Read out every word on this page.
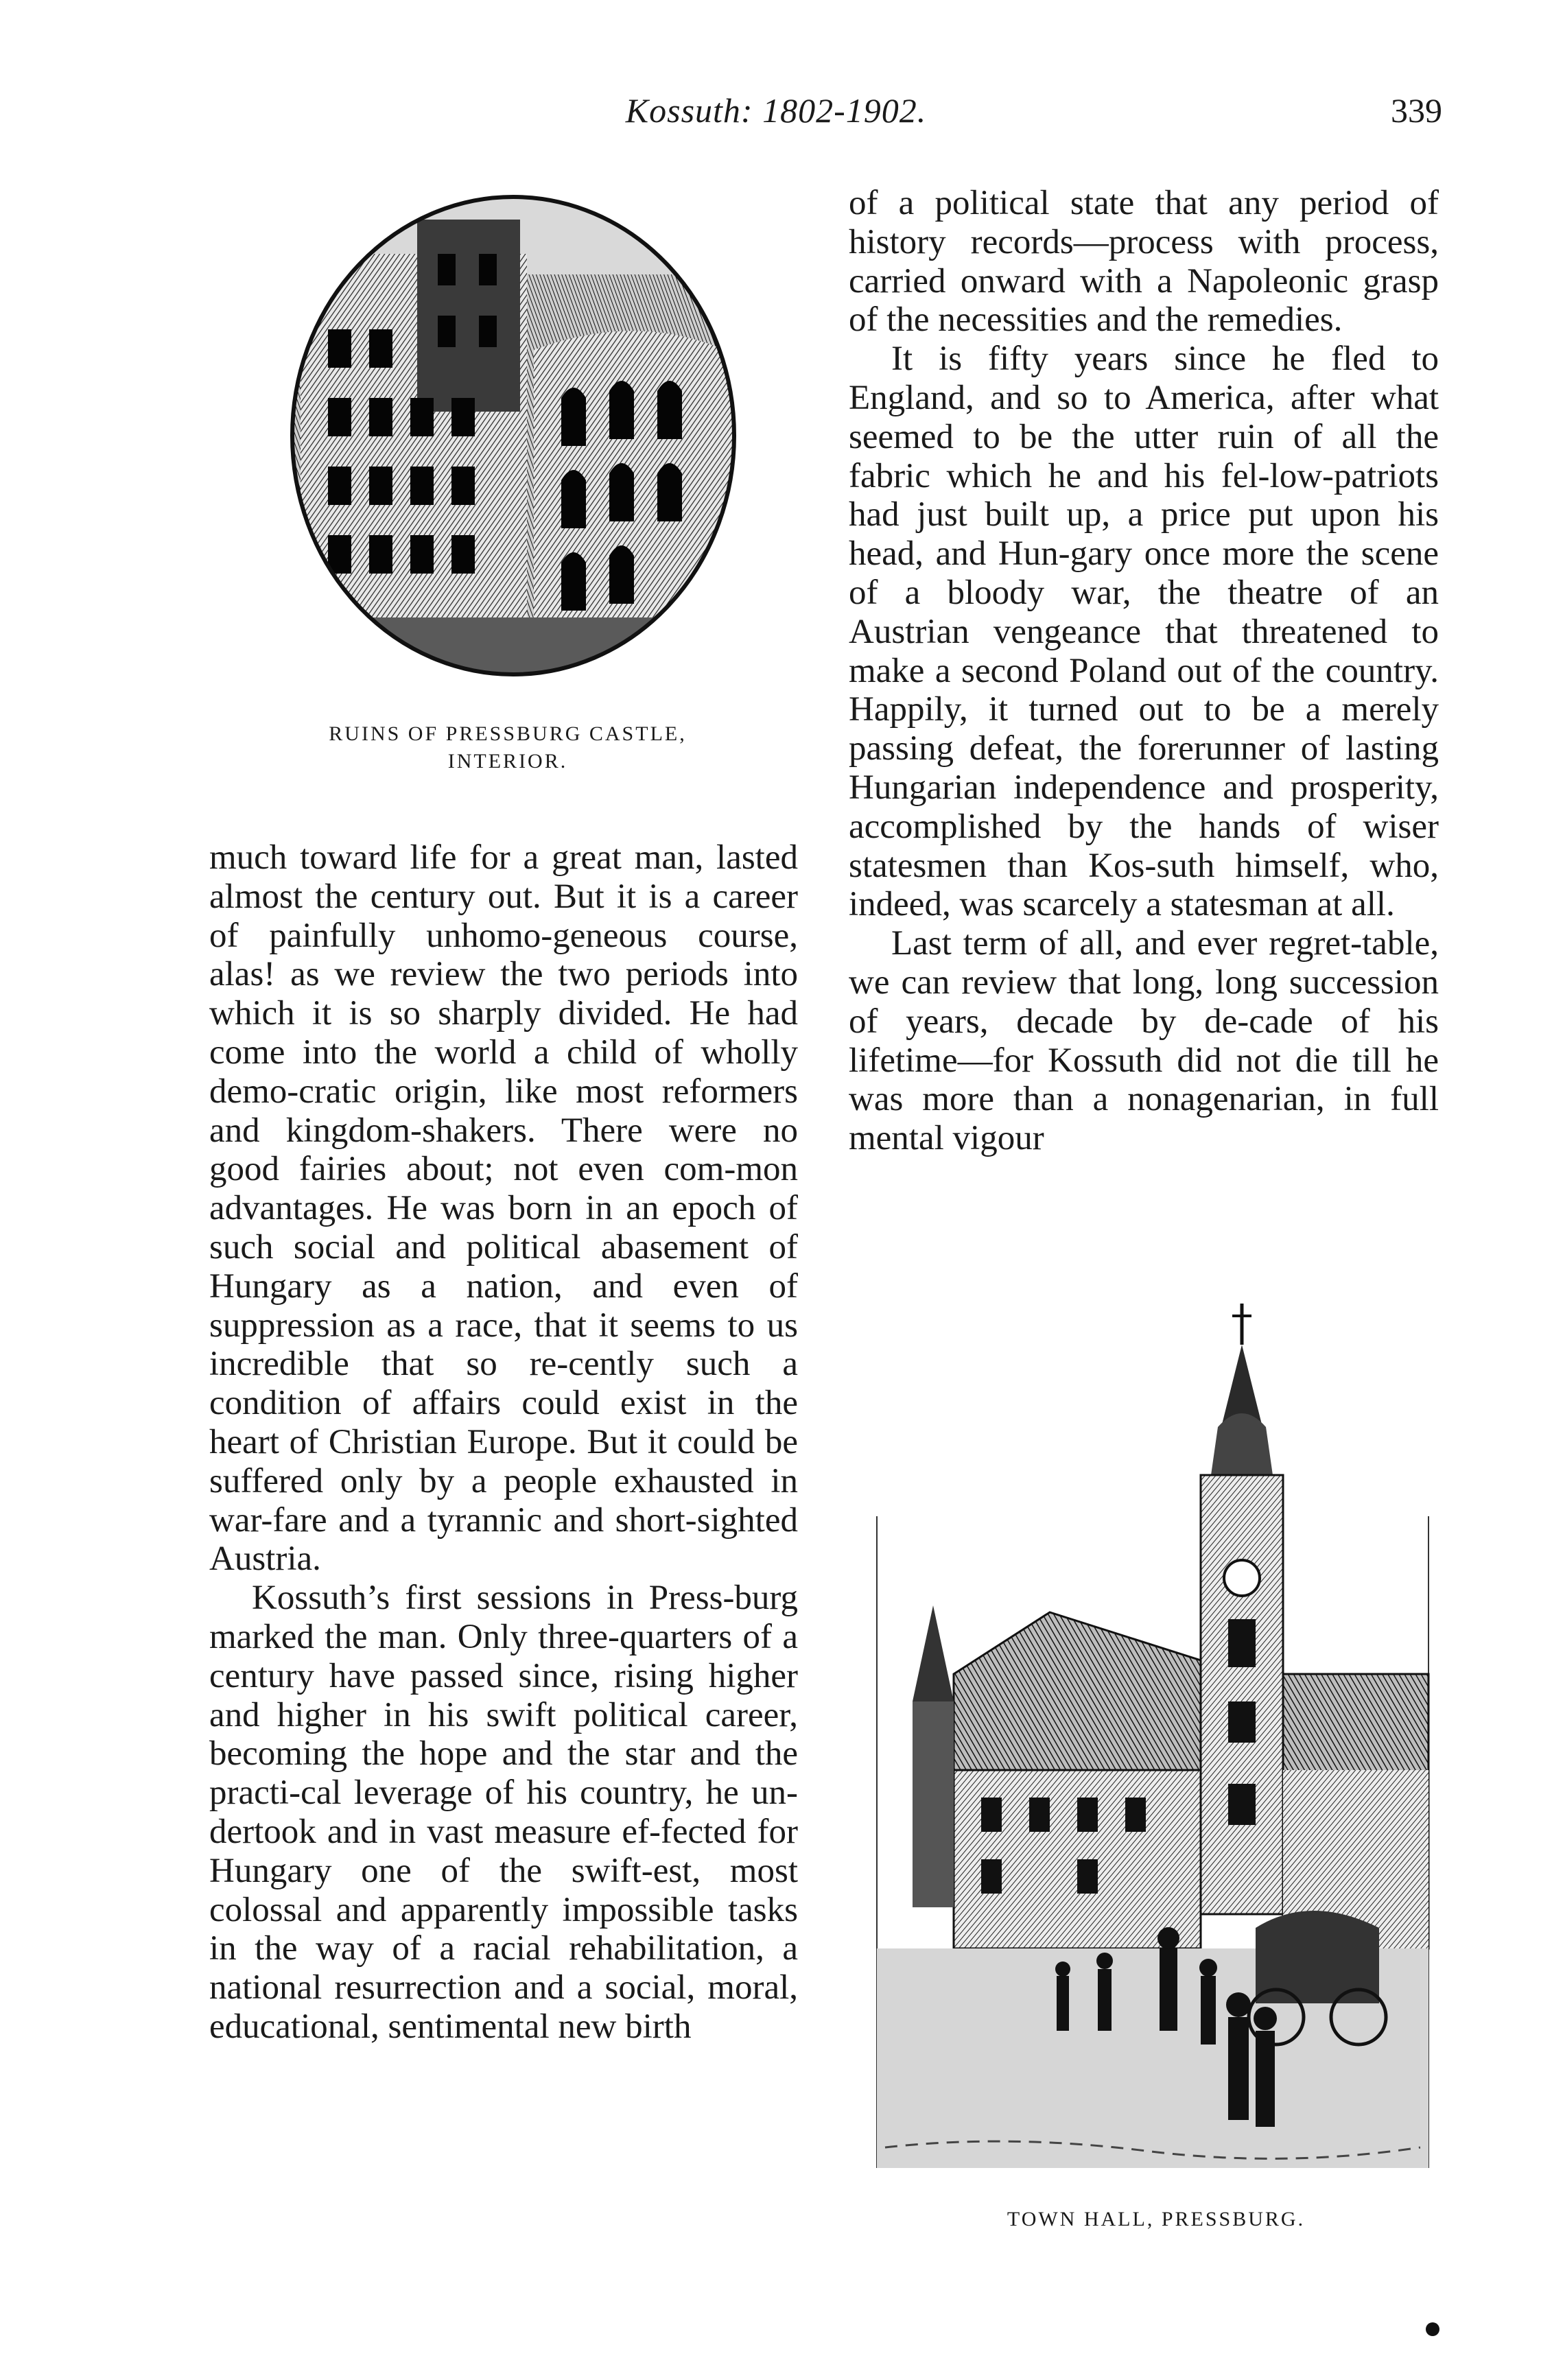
Kossuth: 1802-1902.	339
RUINS OF PRESSBURG CASTLE,
INTERIOR.

much toward life for a great man, lasted almost the century out. But it is a career of painfully unhomo-geneous course, alas! as we review the two periods into which it is so sharply divided. He had come into the world a child of wholly demo-cratic origin, like most reformers and kingdom-shakers. There were no good fairies about; not even com-mon advantages. He was born in an epoch of such social and political abasement of Hungary as a nation, and even of suppression as a race, that it seems to us incredible that so re-cently such a condition of affairs could exist in the heart of Christian Europe. But it could be suffered only by a people exhausted in war-fare and a tyrannic and short-sighted Austria.

Kossuth’s first sessions in Press-burg marked the man. Only three-quarters of a century have passed since, rising higher and higher in his swift political career, becoming the hope and the star and the practi-cal leverage of his country, he un-dertook and in vast measure ef-fected for Hungary one of the swift-est, most colossal and apparently impossible tasks in the way of a racial rehabilitation, a national resurrection and a social, moral, educational, sentimental new birth

of a political state that any period of history records—process with process, carried onward with a Napoleonic grasp of the necessities and the remedies.

It is fifty years since he fled to England, and so to America, after what seemed to be the utter ruin of all the fabric which he and his fel-low-patriots had just built up, a price put upon his head, and Hun-gary once more the scene of a bloody war, the theatre of an Austrian vengeance that threatened to make a second Poland out of the country. Happily, it turned out to be a merely passing defeat, the forerunner of lasting Hungarian independence and prosperity, accomplished by the hands of wiser statesmen than Kos-suth himself, who, indeed, was scarcely a statesman at all.

Last term of all, and ever regret-table, we can review that long, long succession of years, decade by de-cade of his lifetime—for Kossuth did not die till he was more than a nonagenarian, in full mental vigour

TOWN HALL, PRESSBURG.
